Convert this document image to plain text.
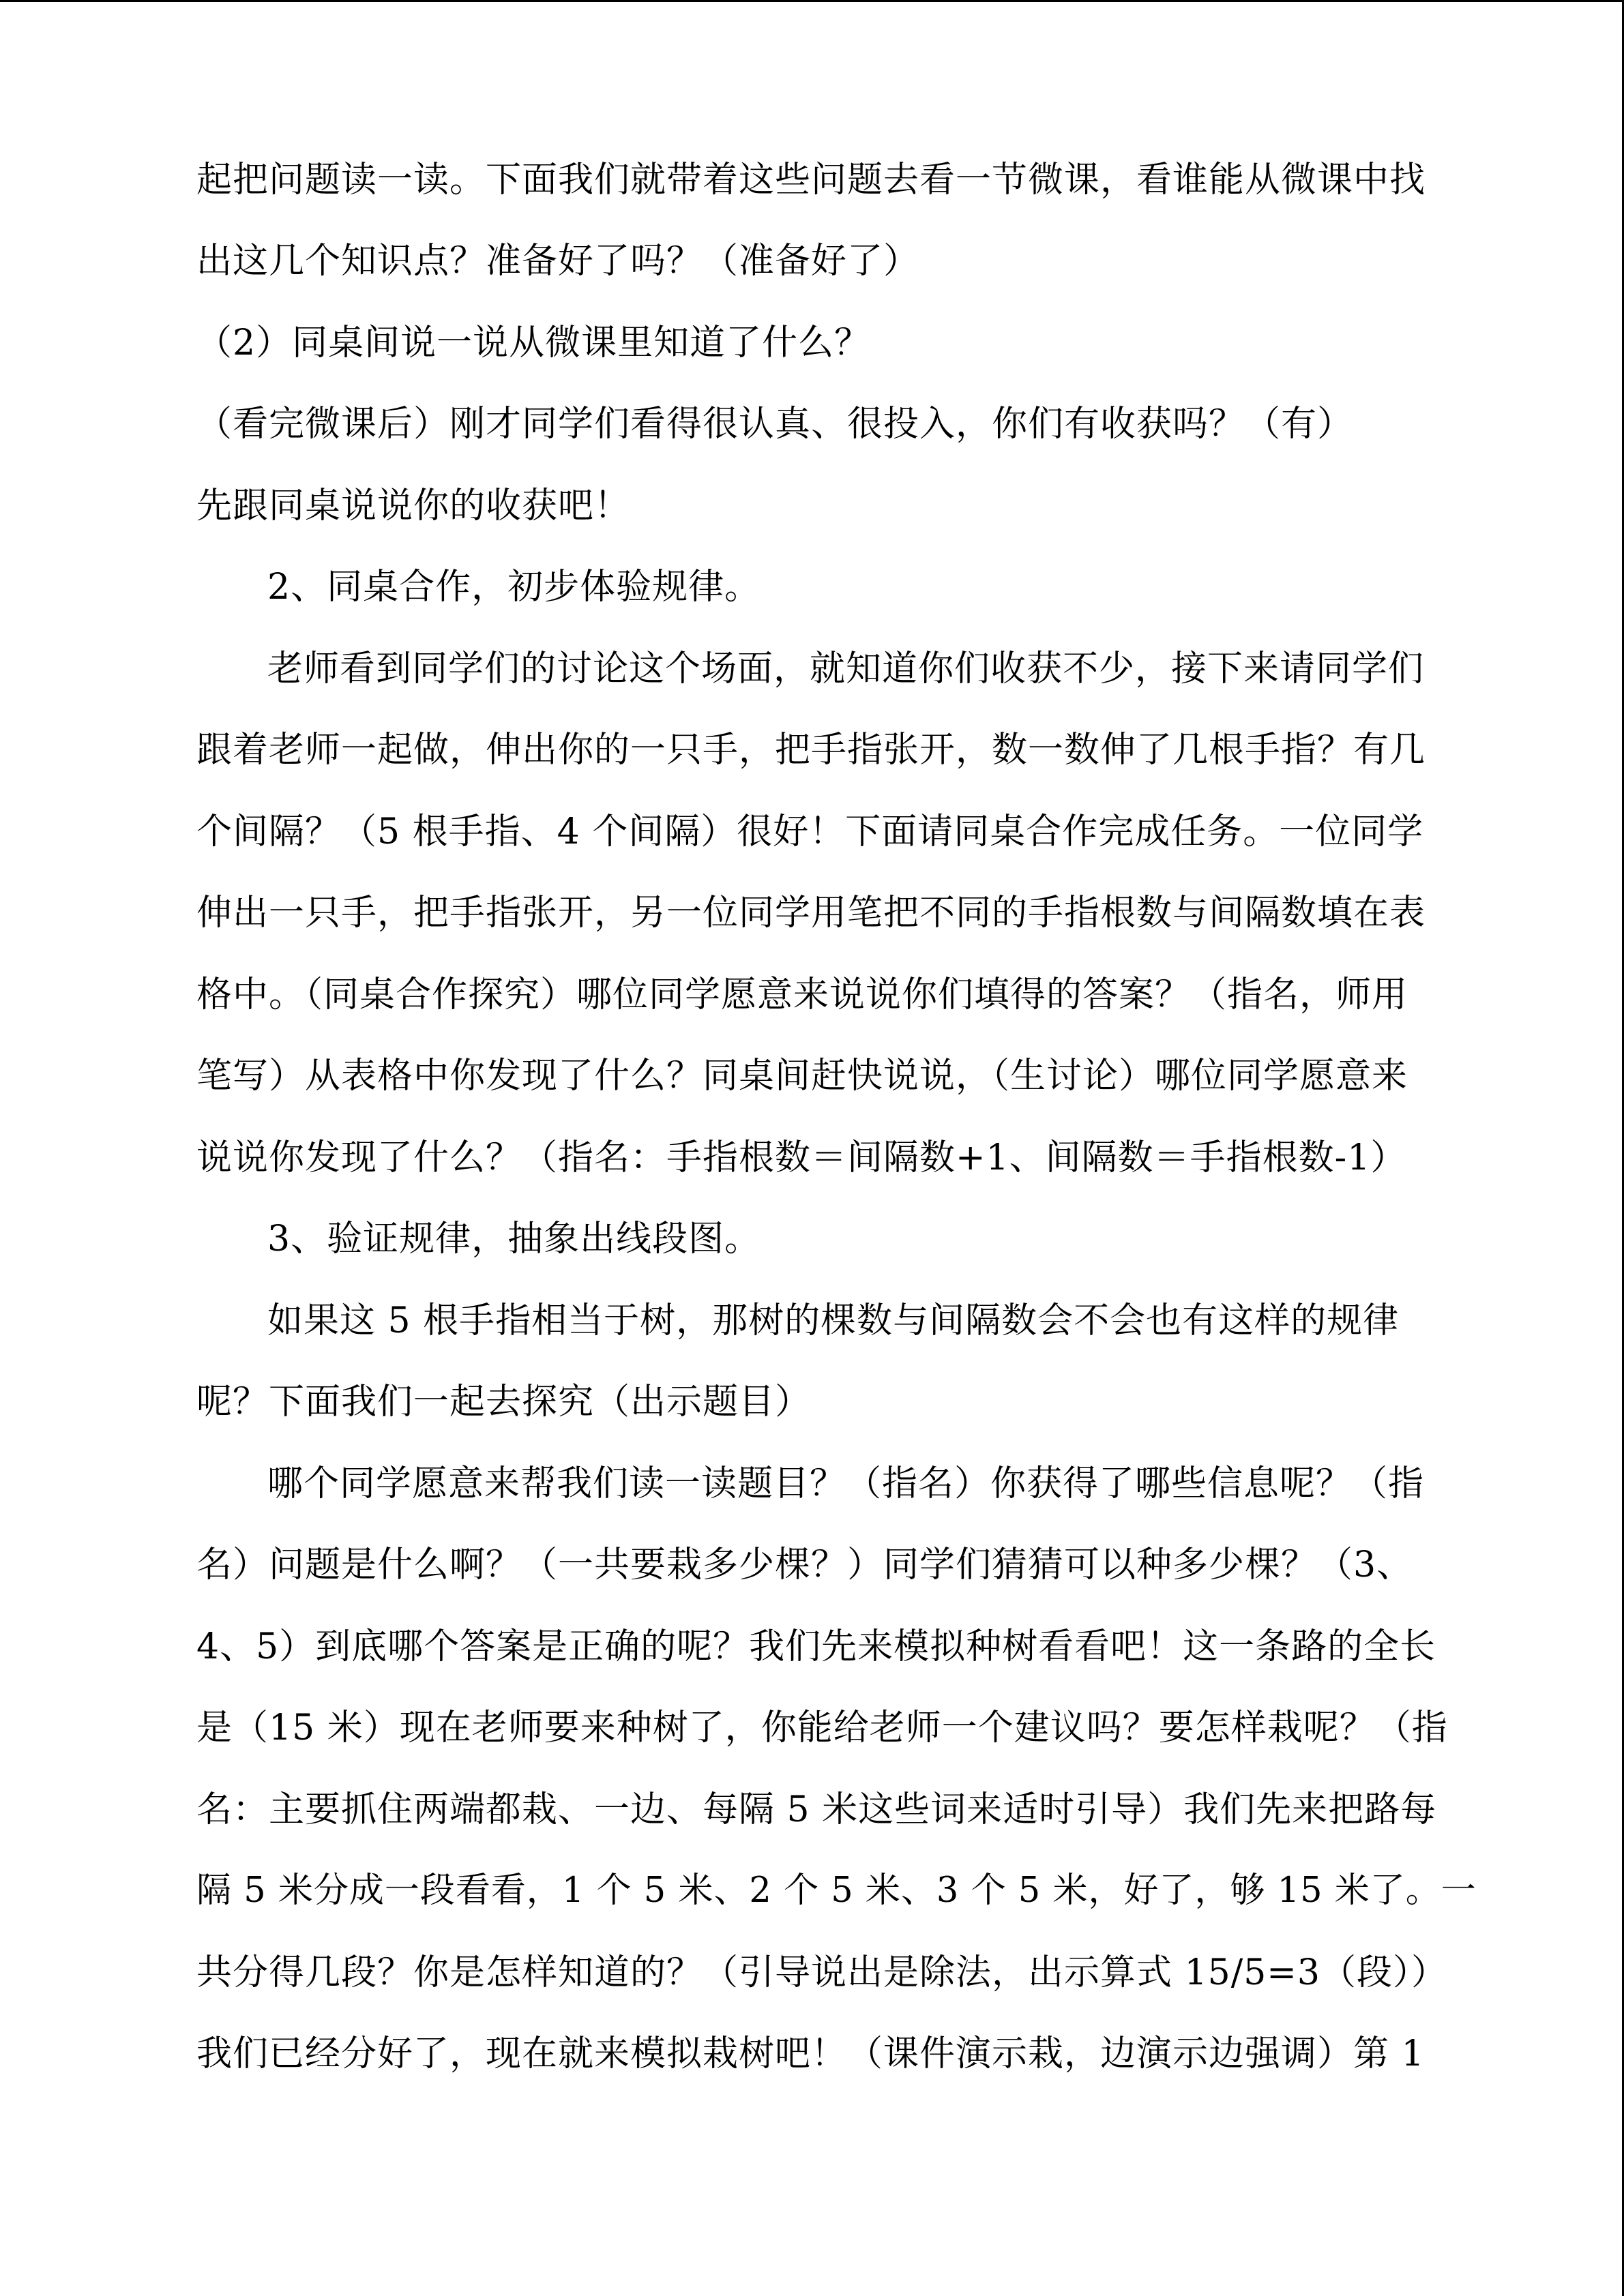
起把问题读一读。下面我们就带着这些问题去看一节微课，看谁能从微课中找
出这几个知识点？准备好了吗？（准备好了）
（2）同桌间说一说从微课里知道了什么？
（看完微课后）刚才同学们看得很认真、很投入，你们有收获吗？（有）
先跟同桌说说你的收获吧！
2、同桌合作，初步体验规律。
老师看到同学们的讨论这个场面，就知道你们收获不少，接下来请同学们
跟着老师一起做，伸出你的一只手，把手指张开，数一数伸了几根手指？有几
个间隔？（5 根手指、4 个间隔）很好！下面请同桌合作完成任务。一位同学
伸出一只手，把手指张开，另一位同学用笔把不同的手指根数与间隔数填在表
格中。（同桌合作探究）哪位同学愿意来说说你们填得的答案？（指名，师用
笔写）从表格中你发现了什么？同桌间赶快说说，（生讨论）哪位同学愿意来
说说你发现了什么？（指名：手指根数＝间隔数+1、间隔数＝手指根数-1）
3、验证规律，抽象出线段图。
如果这 5 根手指相当于树，那树的棵数与间隔数会不会也有这样的规律
呢？下面我们一起去探究（出示题目）
哪个同学愿意来帮我们读一读题目？（指名）你获得了哪些信息呢？（指
名）问题是什么啊？（一共要栽多少棵？）同学们猜猜可以种多少棵？（3、
4、5）到底哪个答案是正确的呢？我们先来模拟种树看看吧！这一条路的全长
是（15 米）现在老师要来种树了，你能给老师一个建议吗？要怎样栽呢？（指
名：主要抓住两端都栽、一边、每隔 5 米这些词来适时引导）我们先来把路每
隔 5 米分成一段看看，1 个 5 米、2 个 5 米、3 个 5 米，好了，够 15 米了。一
共分得几段？你是怎样知道的？（引导说出是除法，出示算式 15/5=3（段））
我们已经分好了，现在就来模拟栽树吧！（课件演示栽，边演示边强调）第 1
